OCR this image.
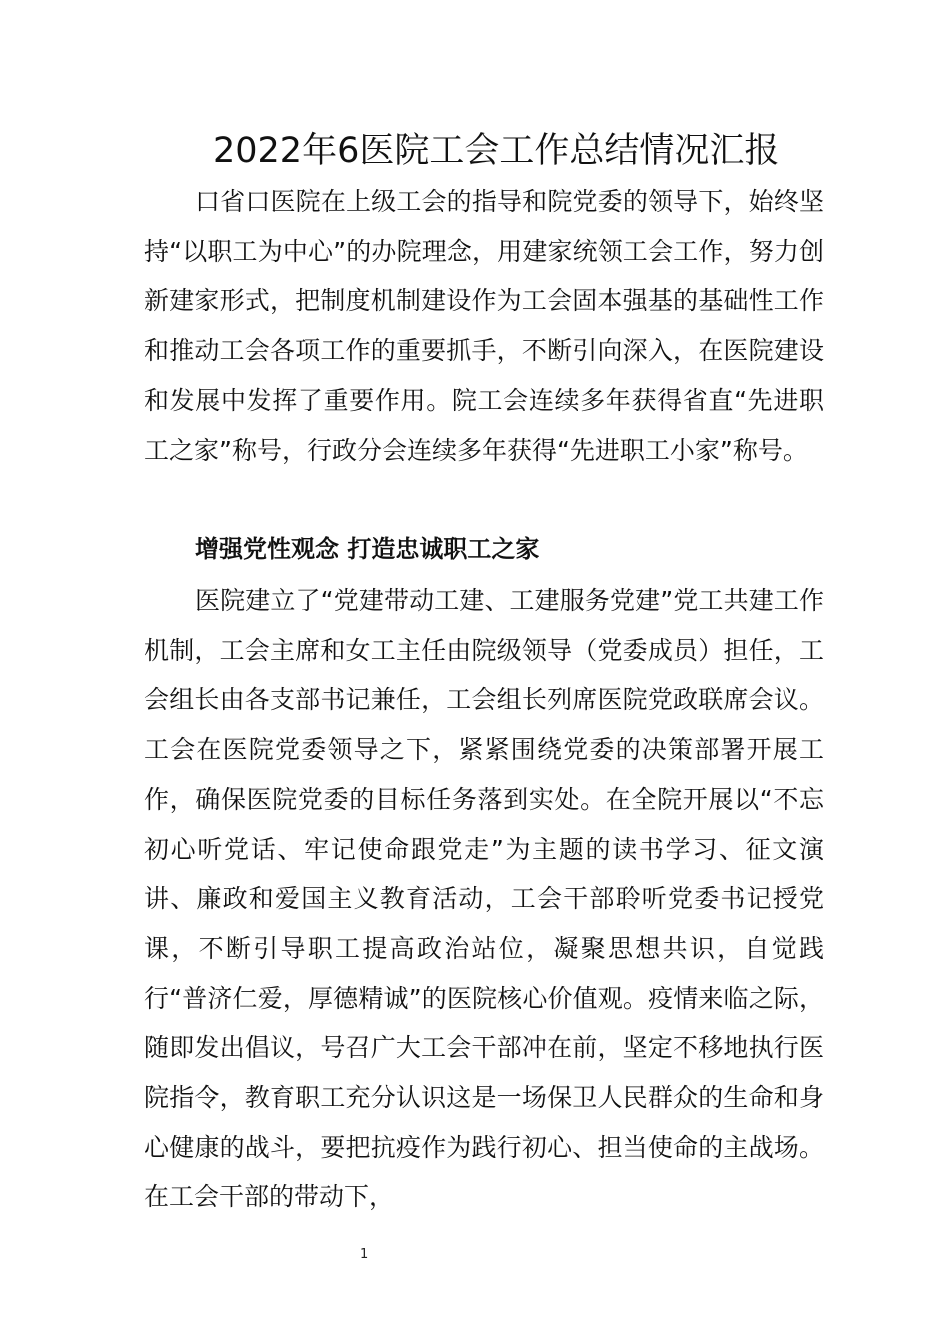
2022年6医院工会工作总结情况汇报

口省口医院在上级工会的指导和院党委的领导下，始终坚持“以职工为中心”的办院理念，用建家统领工会工作，努力创新建家形式，把制度机制建设作为工会固本强基的基础性工作和推动工会各项工作的重要抓手，不断引向深入，在医院建设和发展中发挥了重要作用。院工会连续多年获得省直“先进职工之家”称号，行政分会连续多年获得“先进职工小家”称号。

增强党性观念 打造忠诚职工之家

医院建立了“党建带动工建、工建服务党建”党工共建工作机制，工会主席和女工主任由院级领导（党委成员）担任，工会组长由各支部书记兼任，工会组长列席医院党政联席会议。工会在医院党委领导之下，紧紧围绕党委的决策部署开展工作，确保医院党委的目标任务落到实处。在全院开展以“不忘初心听党话、牢记使命跟党走”为主题的读书学习、征文演讲、廉政和爱国主义教育活动，工会干部聆听党委书记授党课，不断引导职工提高政治站位，凝聚思想共识，自觉践行“普济仁爱，厚德精诚”的医院核心价值观。疫情来临之际，随即发出倡议，号召广大工会干部冲在前，坚定不移地执行医院指令，教育职工充分认识这是一场保卫人民群众的生命和身心健康的战斗，要把抗疫作为践行初心、担当使命的主战场。在工会干部的带动下，

1
